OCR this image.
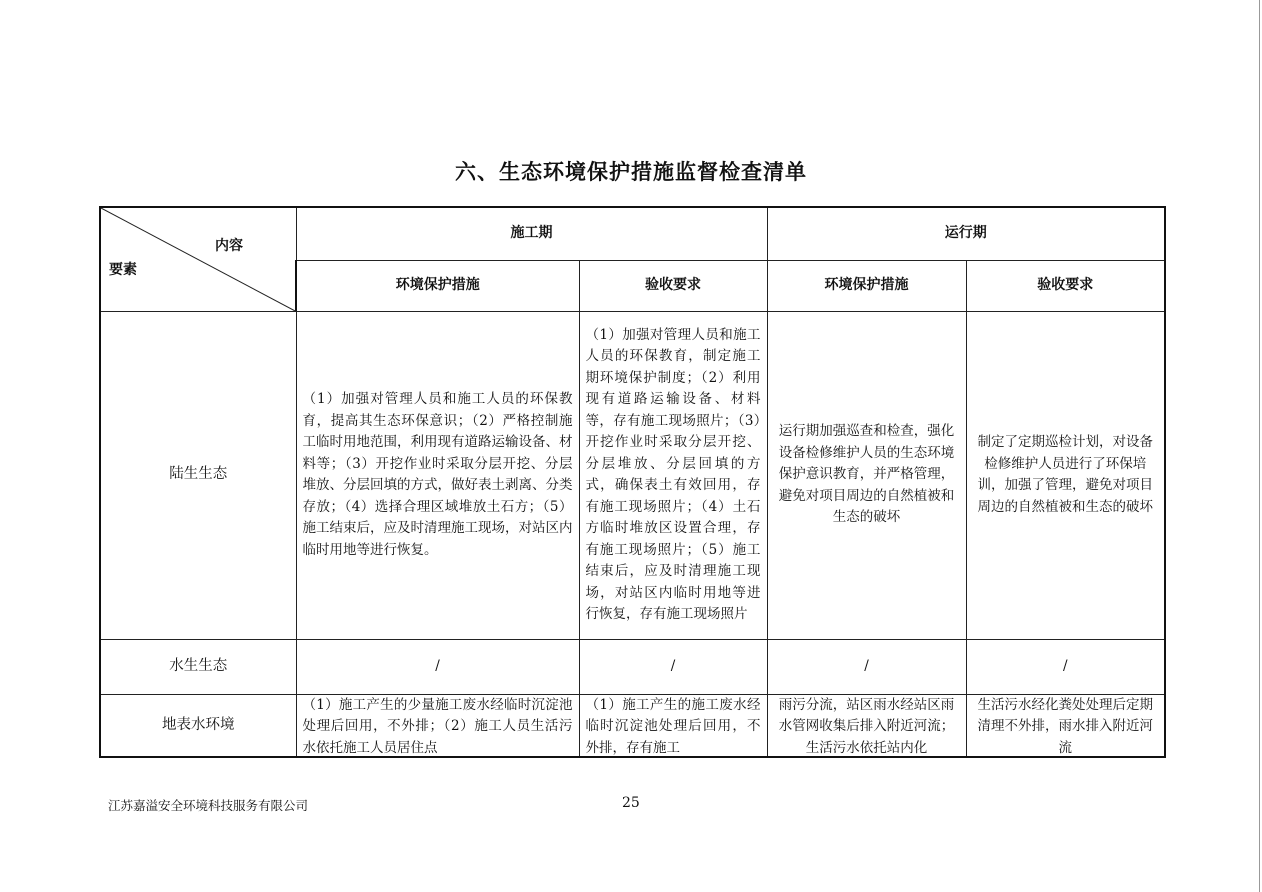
六、生态环境保护措施监督检查清单
内容
要素	施工期		运行期	
	环境保护措施	验收要求	环境保护措施	验收要求
陆生生态	（1）加强对管理人员和施工人员的环保教育，提高其生态环保意识；（2）严格控制施工临时用地范围，利用现有道路运输设备、材料等；（3）开挖作业时采取分层开挖、分层堆放、分层回填的方式，做好表土剥离、分类存放；（4）选择合理区域堆放土石方；（5）施工结束后，应及时清理施工现场，对站区内临时用地等进行恢复。	（1）加强对管理人员和施工人员的环保教育，制定施工期环境保护制度；（2）利用现有道路运输设备、材料等，存有施工现场照片；（3）开挖作业时采取分层开挖、分层堆放、分层回填的方式，确保表土有效回用，存有施工现场照片；（4）土石方临时堆放区设置合理，存有施工现场照片；（5）施工结束后，应及时清理施工现场，对站区内临时用地等进行恢复，存有施工现场照片	运行期加强巡查和检查，强化设备检修维护人员的生态环境保护意识教育，并严格管理，避免对项目周边的自然植被和生态的破坏	制定了定期巡检计划，对设备检修维护人员进行了环保培训，加强了管理，避免对项目周边的自然植被和生态的破坏
水生生态	/	/	/	/

地表水环境	（1）施工产生的少量施工废水经临时沉淀池处理后回用，不外排；（2）施工人员生活污水依托施工人员居住点	（1）施工产生的施工废水经临时沉淀池处理后回用，不外排，存有施工	雨污分流，站区雨水经站区雨水管网收集后排入附近河流；生活污水依托站内化	生活污水经化粪处处理后定期清理不外排，雨水排入附近河流
江苏嘉溢安全环境科技服务有限公司	25
